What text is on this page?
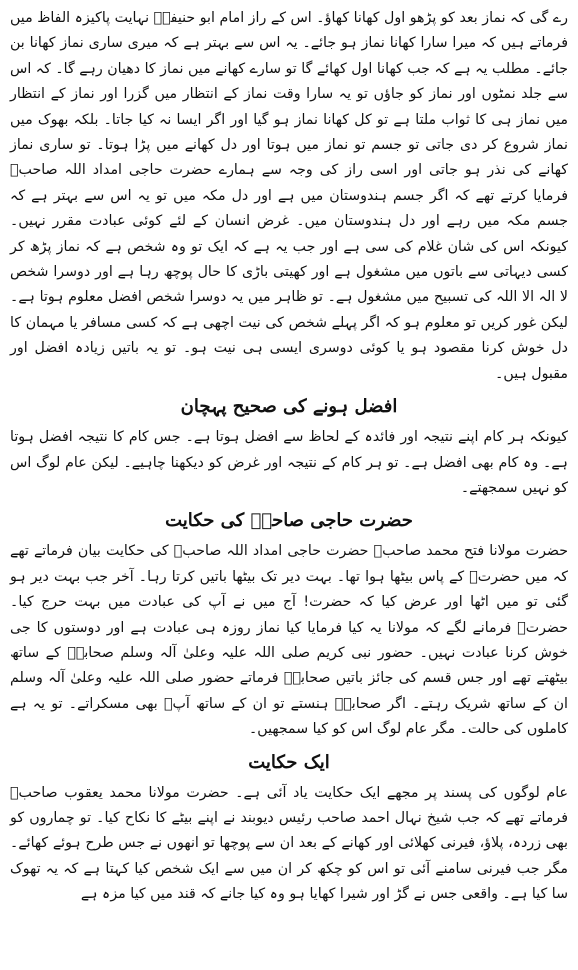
رے گی کہ نماز بعد کو پڑھو اول کھانا کھاؤ۔ اس کے راز امام ابو حنیفہؒ نہایت پاکیزہ الفاظ میں فرماتے ہیں کہ میرا سارا کھانا نماز ہو جائے۔ یہ اس سے بہتر ہے کہ میری ساری نماز کھانا بن جائے۔ مطلب یہ ہے کہ جب کھانا اول کھائے گا تو سارے کھانے میں نماز کا دھیان رہے گا۔ کہ اس سے جلد نمٹوں اور نماز کو جاؤں تو یہ سارا وقت نماز کے انتظار میں گزرا اور نماز کے انتظار میں نماز ہی کا ثواب ملتا ہے تو کل کھانا نماز ہو گیا اور اگر ایسا نہ کیا جاتا۔ بلکہ بھوک میں نماز شروع کر دی جاتی تو جسم تو نماز میں ہوتا اور دل کھانے میں پڑا ہوتا۔ تو ساری نماز کھانے کی نذر ہو جاتی اور اسی راز کی وجہ سے ہمارے حضرت حاجی امداد اللہ صاحبؒ فرمایا کرتے تھے کہ اگر جسم ہندوستان میں ہے اور دل مکہ میں تو یہ اس سے بہتر ہے کہ جسم مکہ میں رہے اور دل ہندوستان میں۔ غرض انسان کے لئے کوئی عبادت مقرر نہیں۔ کیونکہ اس کی شان غلام کی سی ہے اور جب یہ ہے کہ ایک تو وہ شخص ہے کہ نماز پڑھ کر کسی دیہاتی سے باتوں میں مشغول ہے اور کھیتی باڑی کا حال پوچھ رہا ہے اور دوسرا شخص لا الہ الا اللہ کی تسبیح میں مشغول ہے۔ تو ظاہر میں یہ دوسرا شخص افضل معلوم ہوتا ہے۔ لیکن غور کریں تو معلوم ہو کہ اگر پہلے شخص کی نیت اچھی ہے کہ کسی مسافر یا مہمان کا دل خوش کرنا مقصود ہو یا کوئی دوسری ایسی ہی نیت ہو۔ تو یہ باتیں زیادہ افضل اور مقبول ہیں۔

افضل ہونے کی صحیح پہچان

کیونکہ ہر کام اپنے نتیجہ اور فائدہ کے لحاظ سے افضل ہوتا ہے۔ جس کام کا نتیجہ افضل ہوتا ہے۔ وہ کام بھی افضل ہے۔ تو ہر کام کے نتیجہ اور غرض کو دیکھنا چاہیے۔ لیکن عام لوگ اس کو نہیں سمجھتے۔

حضرت حاجی صاحبؒ کی حکایت

حضرت مولانا فتح محمد صاحبؒ حضرت حاجی امداد اللہ صاحبؒ کی حکایت بیان فرماتے تھے کہ میں حضرتؒ کے پاس بیٹھا ہوا تھا۔ بہت دیر تک بیٹھا باتیں کرتا رہا۔ آخر جب بہت دیر ہو گئی تو میں اٹھا اور عرض کیا کہ حضرت! آج میں نے آپ کی عبادت میں بہت حرج کیا۔ حضرتؒ فرمانے لگے کہ مولانا یہ کیا فرمایا کیا نماز روزہ ہی عبادت ہے اور دوستوں کا جی خوش کرنا عبادت نہیں۔ حضور نبی کریم صلی اللہ علیہ وعلیٰ آلہ وسلم صحابہؓ کے ساتھ بیٹھتے تھے اور جس قسم کی جائز باتیں صحابہؓ فرماتے حضور صلی اللہ علیہ وعلیٰ آلہ وسلم ان کے ساتھ شریک رہتے۔ اگر صحابہؓ ہنستے تو ان کے ساتھ آپؐ بھی مسکراتے۔ تو یہ ہے کاملوں کی حالت۔ مگر عام لوگ اس کو کیا سمجھیں۔

ایک حکایت

عام لوگوں کی پسند پر مجھے ایک حکایت یاد آئی ہے۔ حضرت مولانا محمد یعقوب صاحبؒ فرماتے تھے کہ جب شیخ نہال احمد صاحب رئیس دیوبند نے اپنے بیٹے کا نکاح کیا۔ تو چماروں کو بھی زردہ، پلاؤ، فیرنی کھلائی اور کھانے کے بعد ان سے پوچھا تو انھوں نے جس طرح ہوئے کھائے۔ مگر جب فیرنی سامنے آئی تو اس کو چکھ کر ان میں سے ایک شخص کیا کہتا ہے کہ یہ تھوک سا کیا ہے۔ واقعی جس نے گڑ اور شیرا کھایا ہو وہ کیا جانے کہ قند میں کیا مزہ ہے
